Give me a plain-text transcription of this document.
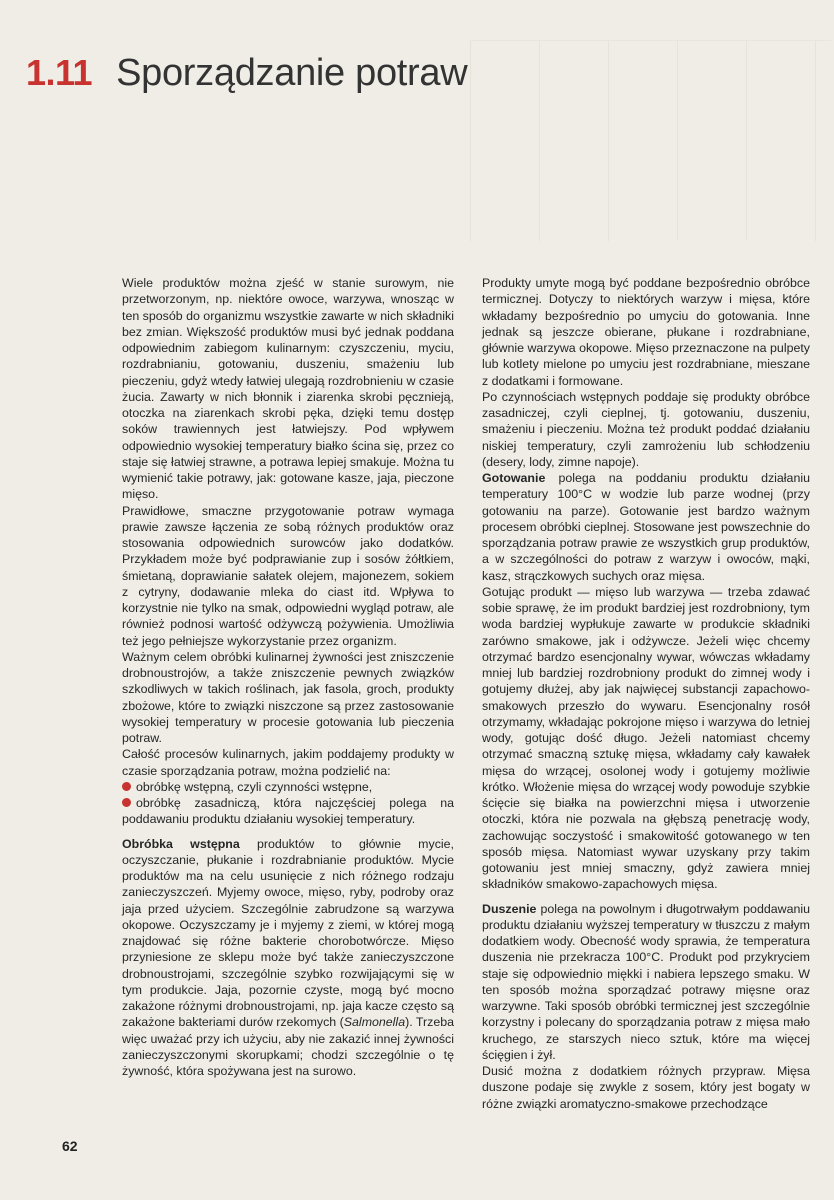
1.11 Sporządzanie potraw

Wiele produktów można zjeść w stanie surowym, nie przetworzonym, np. niektóre owoce, warzywa, wnosząc w ten sposób do organizmu wszystkie zawarte w nich składniki bez zmian. Większość produktów musi być jednak poddana odpowiednim zabiegom kulinarnym: czyszczeniu, myciu, rozdrabnianiu, gotowaniu, duszeniu, smażeniu lub pieczeniu, gdyż wtedy łatwiej ulegają rozdrobnieniu w czasie żucia. Zawarty w nich błonnik i ziarenka skrobi pęcznieją, otoczka na ziarenkach skrobi pęka, dzięki temu dostęp soków trawiennych jest łatwiejszy. Pod wpływem odpowiednio wysokiej temperatury białko ścina się, przez co staje się łatwiej strawne, a potrawa lepiej smakuje. Można tu wymienić takie potrawy, jak: gotowane kasze, jaja, pieczone mięso.

Prawidłowe, smaczne przygotowanie potraw wymaga prawie zawsze łączenia ze sobą różnych produktów oraz stosowania odpowiednich surowców jako dodatków. Przykładem może być podprawianie zup i sosów żółtkiem, śmietaną, doprawianie sałatek olejem, majonezem, sokiem z cytryny, dodawanie mleka do ciast itd. Wpływa to korzystnie nie tylko na smak, odpowiedni wygląd potraw, ale również podnosi wartość odżywczą pożywienia. Umożliwia też jego pełniejsze wykorzystanie przez organizm.

Ważnym celem obróbki kulinarnej żywności jest zniszczenie drobnoustrojów, a także zniszczenie pewnych związków szkodliwych w takich roślinach, jak fasola, groch, produkty zbożowe, które to związki niszczone są przez zastosowanie wysokiej temperatury w procesie gotowania lub pieczenia potraw.

Całość procesów kulinarnych, jakim poddajemy produkty w czasie sporządzania potraw, można podzielić na:

obróbkę wstępną, czyli czynności wstępne,

obróbkę zasadniczą, która najczęściej polega na poddawaniu produktu działaniu wysokiej temperatury.

Obróbka wstępna produktów to głównie mycie, oczyszczanie, płukanie i rozdrabnianie produktów. Mycie produktów ma na celu usunięcie z nich różnego rodzaju zanieczyszczeń. Myjemy owoce, mięso, ryby, podroby oraz jaja przed użyciem. Szczególnie zabrudzone są warzywa okopowe. Oczyszczamy je i myjemy z ziemi, w której mogą znajdować się różne bakterie chorobotwórcze. Mięso przyniesione ze sklepu może być także zanieczyszczone drobnoustrojami, szczególnie szybko rozwijającymi się w tym produkcie. Jaja, pozornie czyste, mogą być mocno zakażone różnymi drobnoustrojami, np. jaja kacze często są zakażone bakteriami durów rzekomych (Salmonella). Trzeba więc uważać przy ich użyciu, aby nie zakazić innej żywności zanieczyszczonymi skorupkami; chodzi szczególnie o tę żywność, która spożywana jest na surowo.

Produkty umyte mogą być poddane bezpośrednio obróbce termicznej. Dotyczy to niektórych warzyw i mięsa, które wkładamy bezpośrednio po umyciu do gotowania. Inne jednak są jeszcze obierane, płukane i rozdrabniane, głównie warzywa okopowe. Mięso przeznaczone na pulpety lub kotlety mielone po umyciu jest rozdrabniane, mieszane z dodatkami i formowane.

Po czynnościach wstępnych poddaje się produkty obróbce zasadniczej, czyli cieplnej, tj. gotowaniu, duszeniu, smażeniu i pieczeniu. Można też produkt poddać działaniu niskiej temperatury, czyli zamrożeniu lub schłodzeniu (desery, lody, zimne napoje).

Gotowanie polega na poddaniu produktu działaniu temperatury 100°C w wodzie lub parze wodnej (przy gotowaniu na parze). Gotowanie jest bardzo ważnym procesem obróbki cieplnej. Stosowane jest powszechnie do sporządzania potraw prawie ze wszystkich grup produktów, a w szczególności do potraw z warzyw i owoców, mąki, kasz, strączkowych suchych oraz mięsa.

Gotując produkt — mięso lub warzywa — trzeba zdawać sobie sprawę, że im produkt bardziej jest rozdrobniony, tym woda bardziej wypłukuje zawarte w produkcie składniki zarówno smakowe, jak i odżywcze. Jeżeli więc chcemy otrzymać bardzo esencjonalny wywar, wówczas wkładamy mniej lub bardziej rozdrobniony produkt do zimnej wody i gotujemy dłużej, aby jak najwięcej substancji zapachowo-smakowych przeszło do wywaru. Esencjonalny rosół otrzymamy, wkładając pokrojone mięso i warzywa do letniej wody, gotując dość długo. Jeżeli natomiast chcemy otrzymać smaczną sztukę mięsa, wkładamy cały kawałek mięsa do wrzącej, osolonej wody i gotujemy możliwie krótko. Włożenie mięsa do wrzącej wody powoduje szybkie ścięcie się białka na powierzchni mięsa i utworzenie otoczki, która nie pozwala na głębszą penetrację wody, zachowując soczystość i smakowitość gotowanego w ten sposób mięsa. Natomiast wywar uzyskany przy takim gotowaniu jest mniej smaczny, gdyż zawiera mniej składników smakowo-zapachowych mięsa.

Duszenie polega na powolnym i długotrwałym poddawaniu produktu działaniu wyższej temperatury w tłuszczu z małym dodatkiem wody. Obecność wody sprawia, że temperatura duszenia nie przekracza 100°C. Produkt pod przykryciem staje się odpowiednio miękki i nabiera lepszego smaku. W ten sposób można sporządzać potrawy mięsne oraz warzywne. Taki sposób obróbki termicznej jest szczególnie korzystny i polecany do sporządzania potraw z mięsa mało kruchego, ze starszych nieco sztuk, które ma więcej ścięgien i żył.

Dusić można z dodatkiem różnych przypraw. Mięsa duszone podaje się zwykle z sosem, który jest bogaty w różne związki aromatyczno-smakowe przechodzące

62
